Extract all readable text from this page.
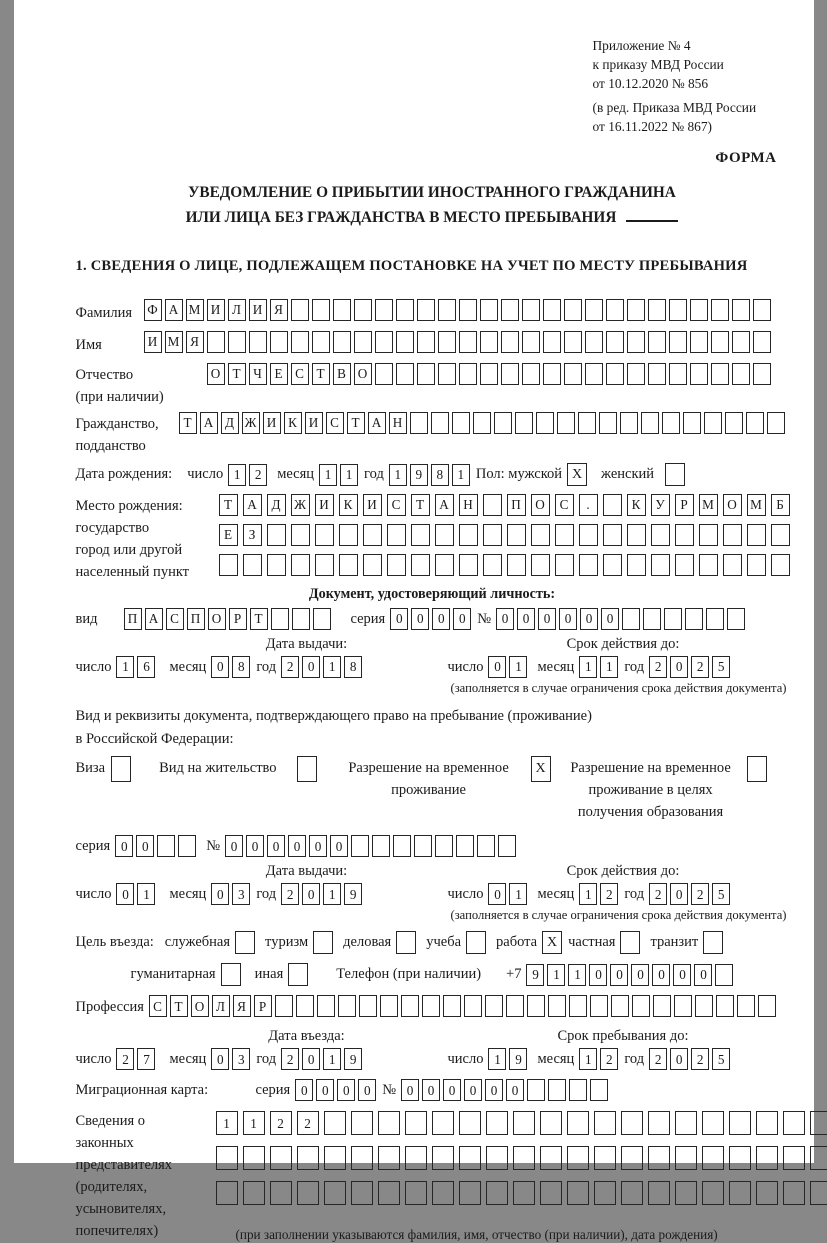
Приложение № 4
к приказу МВД России
от 10.12.2020 № 856
(в ред. Приказа МВД России
от 16.11.2022 № 867)
ФОРМА
УВЕДОМЛЕНИЕ О ПРИБЫТИИ ИНОСТРАННОГО ГРАЖДАНИНА
ИЛИ ЛИЦА БЕЗ ГРАЖДАНСТВА В МЕСТО ПРЕБЫВАНИЯ
1. СВЕДЕНИЯ О ЛИЦЕ, ПОДЛЕЖАЩЕМ ПОСТАНОВКЕ НА УЧЕТ ПО МЕСТУ ПРЕБЫВАНИЯ
Фамилия	Ф А М И Л И Я
Имя	И М Я
Отчество
(при наличии)
О Т Ч Е С Т В О
Гражданство,
подданство
Т А Д Ж И К И С Т А Н
Дата рождения:	число 1	2	месяц 1	1 год 1	9	8	1 Пол: мужской X	женский
Место рождения:
государство
город или другой
населенный пункт
Т	А	Д	Ж	И	К	И	С	Т	А	Н	П	О	С	.	К	У	Р	М	О	М	Б
Е	З
Документ, удостоверяющий личность:
вид	П А С П О Р	Т	серия 0	0	0	0 № 0	0	0	0	0	0
Дата выдачи:	Срок действия до:
число 1	6	месяц 0	8 год 2	0	1	8	число 0	1	месяц 1	1 год 2	0	2	5
(заполняется в случае ограничения срока действия документа)
Вид и реквизиты документа, подтверждающего право на пребывание (проживание)
в Российской Федерации:
Виза	Вид на жительство	Разрешение на временное проживание
X	Разрешение на временное проживание в целях получения образования
серия 0	0	№ 0	0	0	0	0	0
Дата выдачи:	Срок действия до:
число 0	1	месяц 0	3 год 2	0	1	9	число 0	1	месяц 1	2 год 2	0	2	5
(заполняется в случае ограничения срока действия документа)
Цель въезда: служебная	туризм	деловая	учеба	работа X частная	транзит
гуманитарная	иная	Телефон (при наличии)	+7 9	1	1	0	0	0	0	0	0
Профессия С Т О Л Я Р
Дата въезда:	Срок пребывания до:
число 2	7	месяц 0	3 год 2	0	1	9	число 1	9	месяц 1	2 год 2	0	2	5
Миграционная карта:	серия 0	0	0	0 № 0	0	0	0	0	0
Сведения о
законных
представителях
(родителях,
усыновителях,
попечителях)
1	1	2	2
(при заполнении указываются фамилия, имя, отчество (при наличии), дата рождения)
